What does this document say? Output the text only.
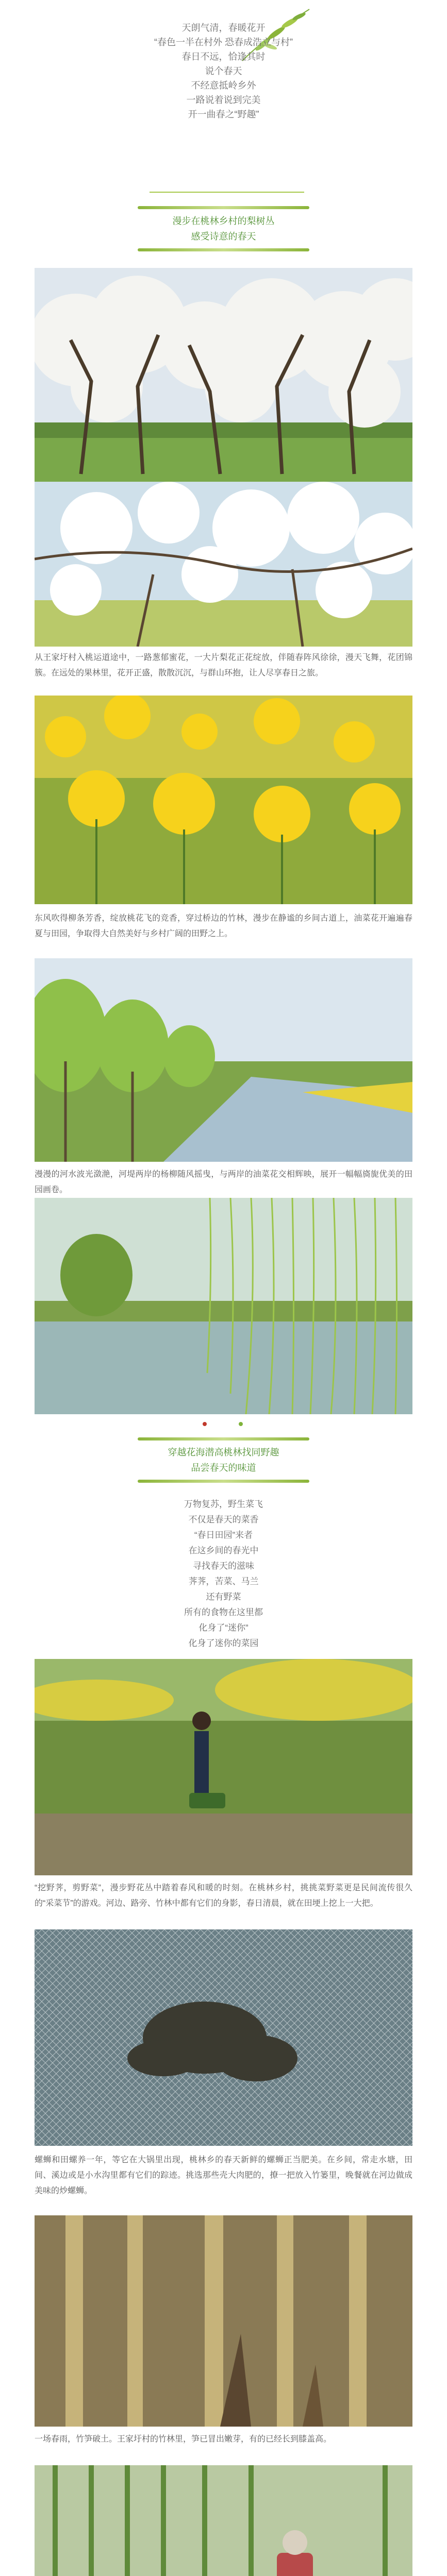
天朗气清，春暖花开
“春色一半在村外 恐春成浩立与村”
春日不远，恰逢其时
说个春天
不经意抵岭乡外
一路说着说到完美
开一曲春之“野趣”
漫步在桃林乡村的梨树丛
感受诗意的春天
从王家圩村入桃运道途中，一路葱郁蜜花，一大片梨花正花绽放，伴随春阵风徐徐，漫天飞舞，花团锦簇。在远处的果林里，花开正盛，散散沉沉，与群山环抱，让人尽享春日之旅。
东风吹得柳条芳香，绽放桃花飞的竞香，穿过桥边的竹林，漫步在静谧的乡间古道上，油菜花开遍遍春夏与田园，争取得大自然美好与乡村广阔的田野之上。
漫漫的河水波光潋滟，河堤两岸的杨柳随风摇曳，与两岸的油菜花交相辉映，展开一幅幅旖旎优美的田园画卷。
穿越花海潜高桃林找同野趣
品尝春天的味道
万物复苏，野生菜飞
不仅是春天的菜香
“春日田园”来者
在这乡间的春光中
寻找春天的滋味
荠荠，苦菜、马兰
还有野菜
所有的食物在这里都
化身了“迷你”
化身了迷你的菜园
“挖野荠，剪野菜”，漫步野花丛中踏着春风和暖的时刻。在桃林乡村，挑挑菜野菜更是民间流传很久的“采菜节”的游戏。河边、路旁、竹林中都有它们的身影，春日清晨，就在田埂上挖上一大把。
螺蛳和田螺养一年，等它在大锅里出现，桃林乡的春天新鲜的螺蛳正当肥美。在乡间，常走水塘，田间、溪边或是小水沟里都有它们的踪迹。挑选那些壳大肉肥的，撩一把放入竹篓里，晚餐就在河边做成美味的炒螺蛳。
一场春雨，竹笋破土。王家圩村的竹林里，笋已冒出嫩芽，有的已经长到膝盖高。
